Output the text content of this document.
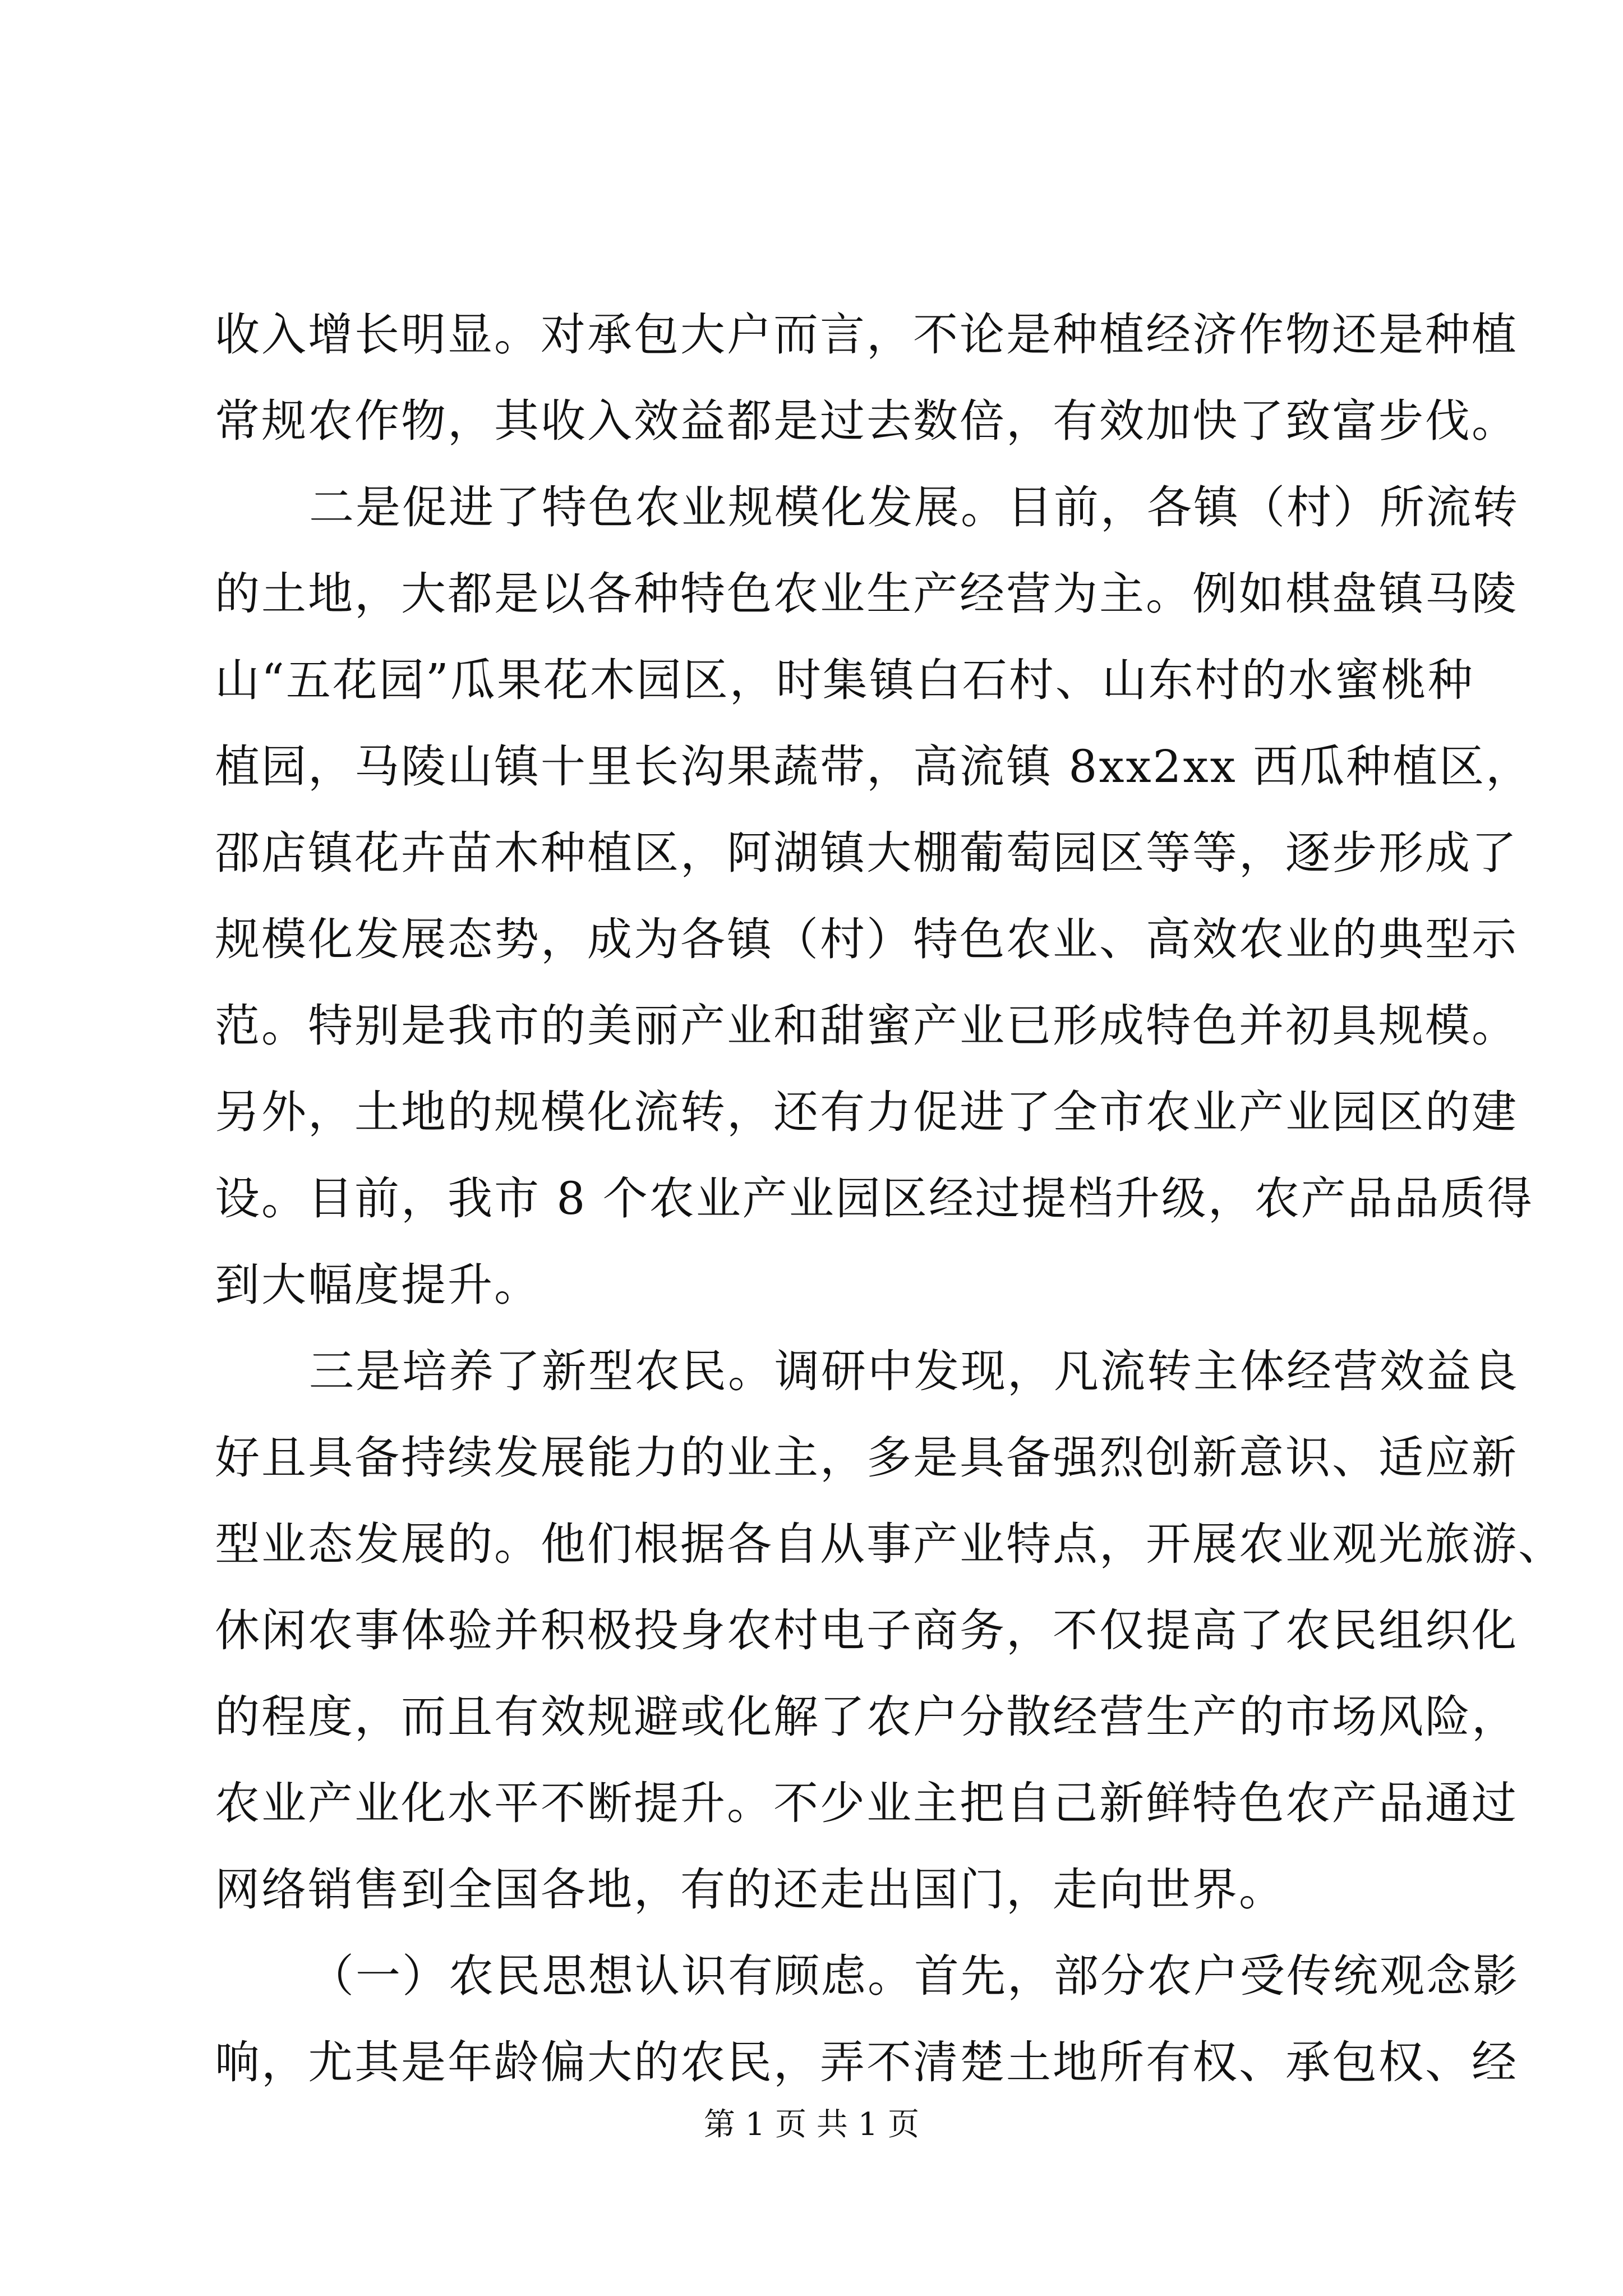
收入增长明显。对承包大户而言，不论是种植经济作物还是种植
常规农作物，其收入效益都是过去数倍，有效加快了致富步伐。
二是促进了特色农业规模化发展。目前，各镇（村）所流转
的土地，大都是以各种特色农业生产经营为主。例如棋盘镇马陵
山“五花园”瓜果花木园区，时集镇白石村、山东村的水蜜桃种
植园，马陵山镇十里长沟果蔬带，高流镇 8xx2xx 西瓜种植区，
邵店镇花卉苗木种植区，阿湖镇大棚葡萄园区等等，逐步形成了
规模化发展态势，成为各镇（村）特色农业、高效农业的典型示
范。特别是我市的美丽产业和甜蜜产业已形成特色并初具规模。
另外，土地的规模化流转，还有力促进了全市农业产业园区的建
设。目前，我市 8 个农业产业园区经过提档升级，农产品品质得
到大幅度提升。
三是培养了新型农民。调研中发现，凡流转主体经营效益良
好且具备持续发展能力的业主，多是具备强烈创新意识、适应新
型业态发展的。他们根据各自从事产业特点，开展农业观光旅游、
休闲农事体验并积极投身农村电子商务，不仅提高了农民组织化
的程度，而且有效规避或化解了农户分散经营生产的市场风险，
农业产业化水平不断提升。不少业主把自己新鲜特色农产品通过
网络销售到全国各地，有的还走出国门，走向世界。
（一）农民思想认识有顾虑。首先，部分农户受传统观念影
响，尤其是年龄偏大的农民，弄不清楚土地所有权、承包权、经
第 1 页 共 1 页
